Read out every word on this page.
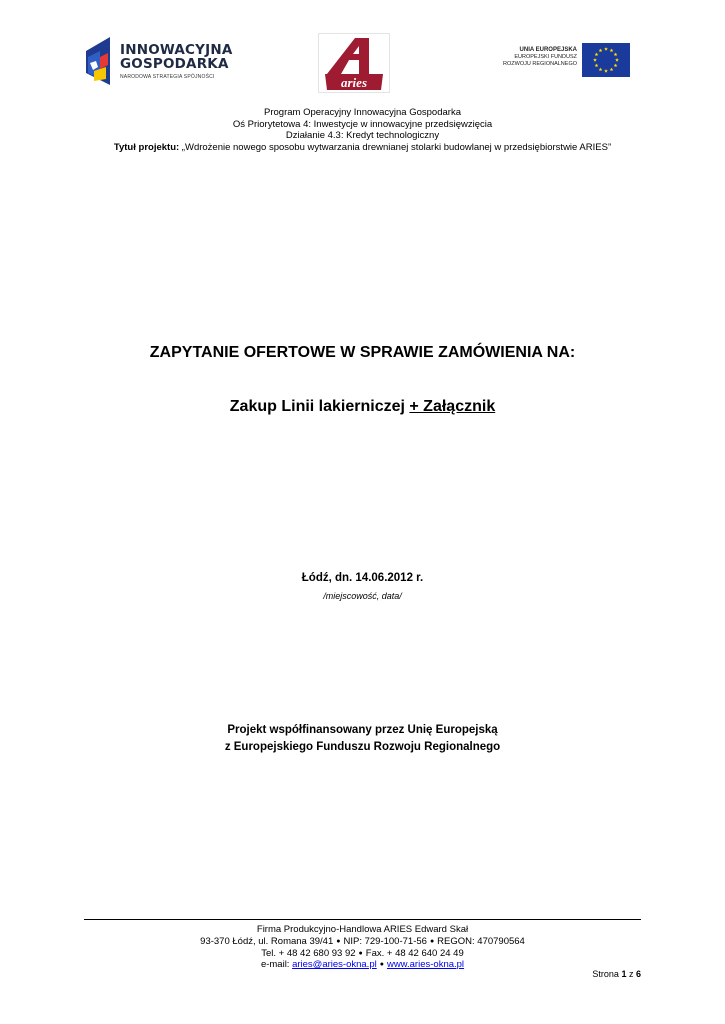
INNOWACYJNA
GOSPODARKA
NARODOWA STRATEGIA SPÓJNOŚCI	aries
UNIA EUROPEJSKA
EUROPEJSKI FUNDUSZ
ROZWOJU REGIONALNEGO
Program Operacyjny Innowacyjna Gospodarka
Oś Priorytetowa 4: Inwestycje w innowacyjne przedsięwzięcia
Działanie 4.3: Kredyt technologiczny
Tytuł projektu: „Wdrożenie nowego sposobu wytwarzania drewnianej stolarki budowlanej w przedsiębiorstwie ARIES”
ZAPYTANIE OFERTOWE W SPRAWIE ZAMÓWIENIA NA:
Zakup Linii lakierniczej + Załącznik
Łódź, dn. 14.06.2012 r.
/miejscowość, data/
Projekt współfinansowany przez Unię Europejską
z Europejskiego Funduszu Rozwoju Regionalnego
Firma Produkcyjno-Handlowa ARIES Edward Skał
93-370 Łódź, ul. Romana 39/41 ● NIP: 729-100-71-56 ● REGON: 470790564
Tel. + 48 42 680 93 92 ● Fax. + 48 42 640 24 49
e-mail: aries@aries-okna.pl ● www.aries-okna.pl
Strona 1 z 6
